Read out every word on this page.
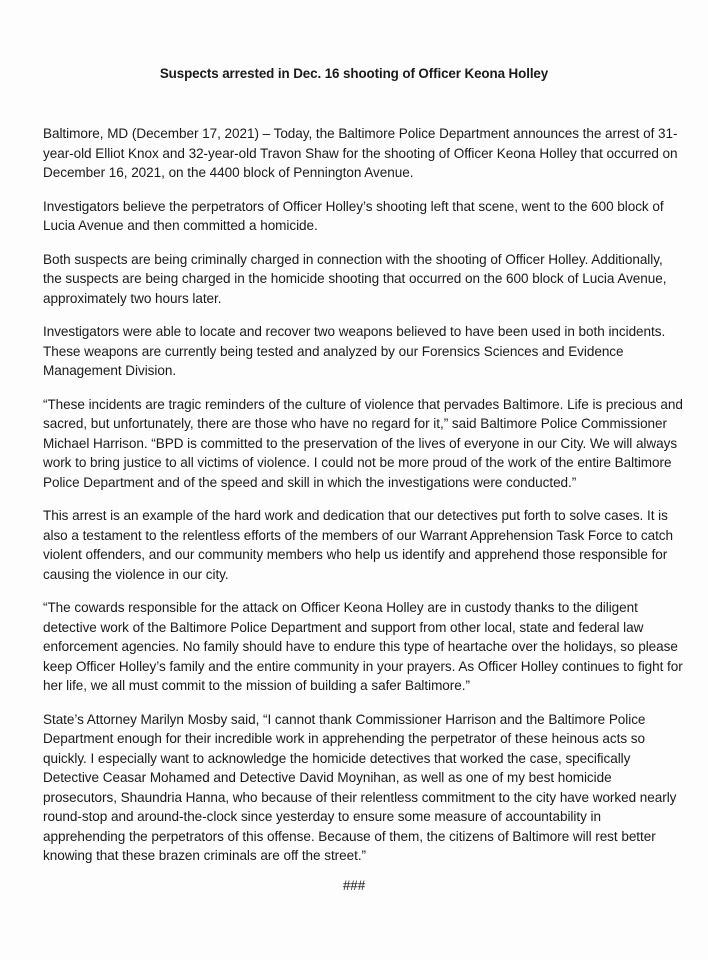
Suspects arrested in Dec. 16 shooting of Officer Keona Holley

Baltimore, MD (December 17, 2021) – Today, the Baltimore Police Department announces the arrest of 31-year-old Elliot Knox and 32-year-old Travon Shaw for the shooting of Officer Keona Holley that occurred on December 16, 2021, on the 4400 block of Pennington Avenue.

Investigators believe the perpetrators of Officer Holley’s shooting left that scene, went to the 600 block of Lucia Avenue and then committed a homicide.

Both suspects are being criminally charged in connection with the shooting of Officer Holley. Additionally, the suspects are being charged in the homicide shooting that occurred on the 600 block of Lucia Avenue, approximately two hours later.

Investigators were able to locate and recover two weapons believed to have been used in both incidents. These weapons are currently being tested and analyzed by our Forensics Sciences and Evidence Management Division.

“These incidents are tragic reminders of the culture of violence that pervades Baltimore. Life is precious and sacred, but unfortunately, there are those who have no regard for it,” said Baltimore Police Commissioner Michael Harrison. “BPD is committed to the preservation of the lives of everyone in our City. We will always work to bring justice to all victims of violence. I could not be more proud of the work of the entire Baltimore Police Department and of the speed and skill in which the investigations were conducted.”

This arrest is an example of the hard work and dedication that our detectives put forth to solve cases. It is also a testament to the relentless efforts of the members of our Warrant Apprehension Task Force to catch violent offenders, and our community members who help us identify and apprehend those responsible for causing the violence in our city.

“The cowards responsible for the attack on Officer Keona Holley are in custody thanks to the diligent detective work of the Baltimore Police Department and support from other local, state and federal law enforcement agencies. No family should have to endure this type of heartache over the holidays, so please keep Officer Holley’s family and the entire community in your prayers. As Officer Holley continues to fight for her life, we all must commit to the mission of building a safer Baltimore.”

State’s Attorney Marilyn Mosby said, “I cannot thank Commissioner Harrison and the Baltimore Police Department enough for their incredible work in apprehending the perpetrator of these heinous acts so quickly. I especially want to acknowledge the homicide detectives that worked the case, specifically Detective Ceasar Mohamed and Detective David Moynihan, as well as one of my best homicide prosecutors, Shaundria Hanna, who because of their relentless commitment to the city have worked nearly round-stop and around-the-clock since yesterday to ensure some measure of accountability in apprehending the perpetrators of this offense. Because of them, the citizens of Baltimore will rest better knowing that these brazen criminals are off the street.”

###
